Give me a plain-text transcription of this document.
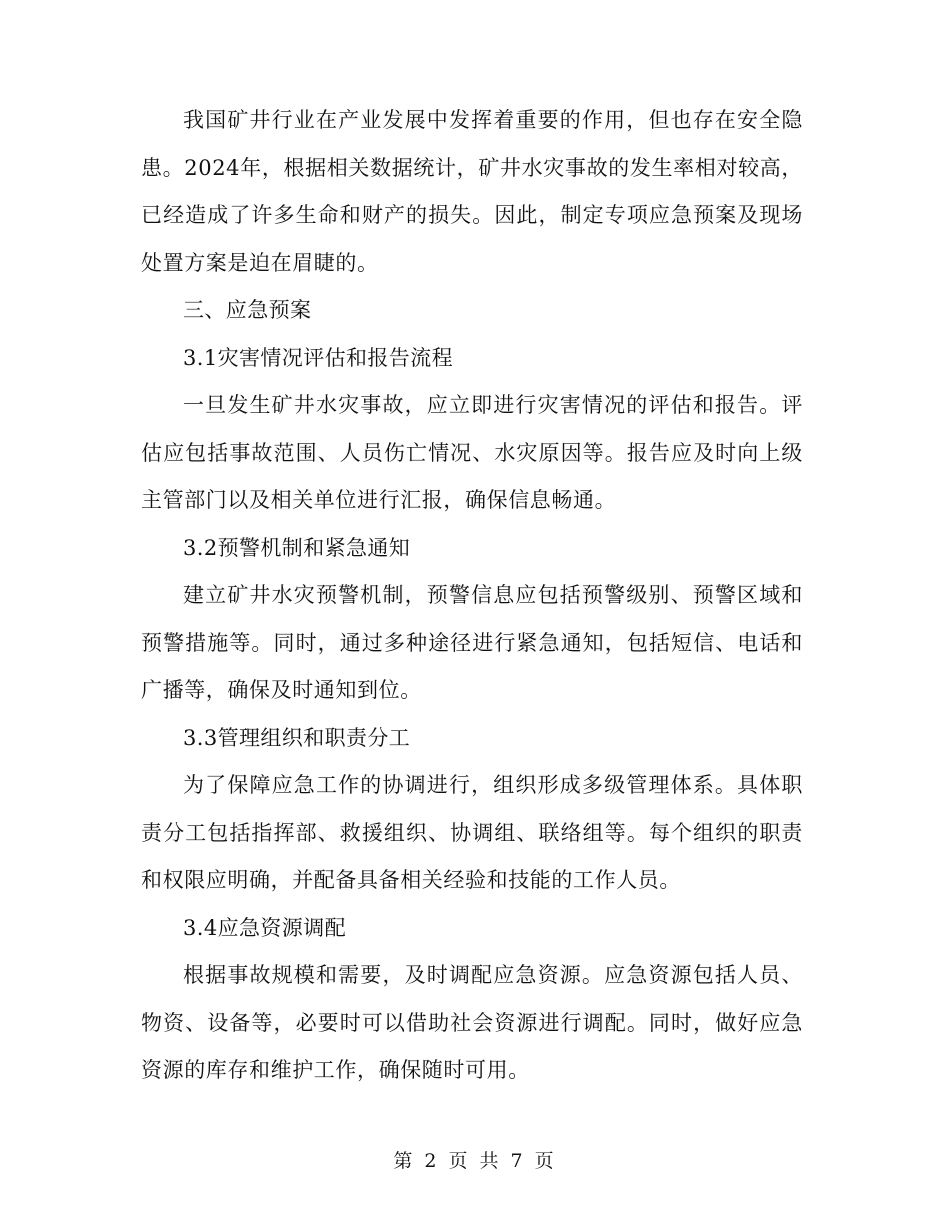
我国矿井行业在产业发展中发挥着重要的作用，但也存在安全隐患。2024年，根据相关数据统计，矿井水灾事故的发生率相对较高，已经造成了许多生命和财产的损失。因此，制定专项应急预案及现场处置方案是迫在眉睫的。

三、应急预案

3.1灾害情况评估和报告流程

一旦发生矿井水灾事故，应立即进行灾害情况的评估和报告。评估应包括事故范围、人员伤亡情况、水灾原因等。报告应及时向上级主管部门以及相关单位进行汇报，确保信息畅通。

3.2预警机制和紧急通知

建立矿井水灾预警机制，预警信息应包括预警级别、预警区域和预警措施等。同时，通过多种途径进行紧急通知，包括短信、电话和广播等，确保及时通知到位。

3.3管理组织和职责分工

为了保障应急工作的协调进行，组织形成多级管理体系。具体职责分工包括指挥部、救援组织、协调组、联络组等。每个组织的职责和权限应明确，并配备具备相关经验和技能的工作人员。

3.4应急资源调配

根据事故规模和需要，及时调配应急资源。应急资源包括人员、物资、设备等，必要时可以借助社会资源进行调配。同时，做好应急资源的库存和维护工作，确保随时可用。

第 2 页 共 7 页
